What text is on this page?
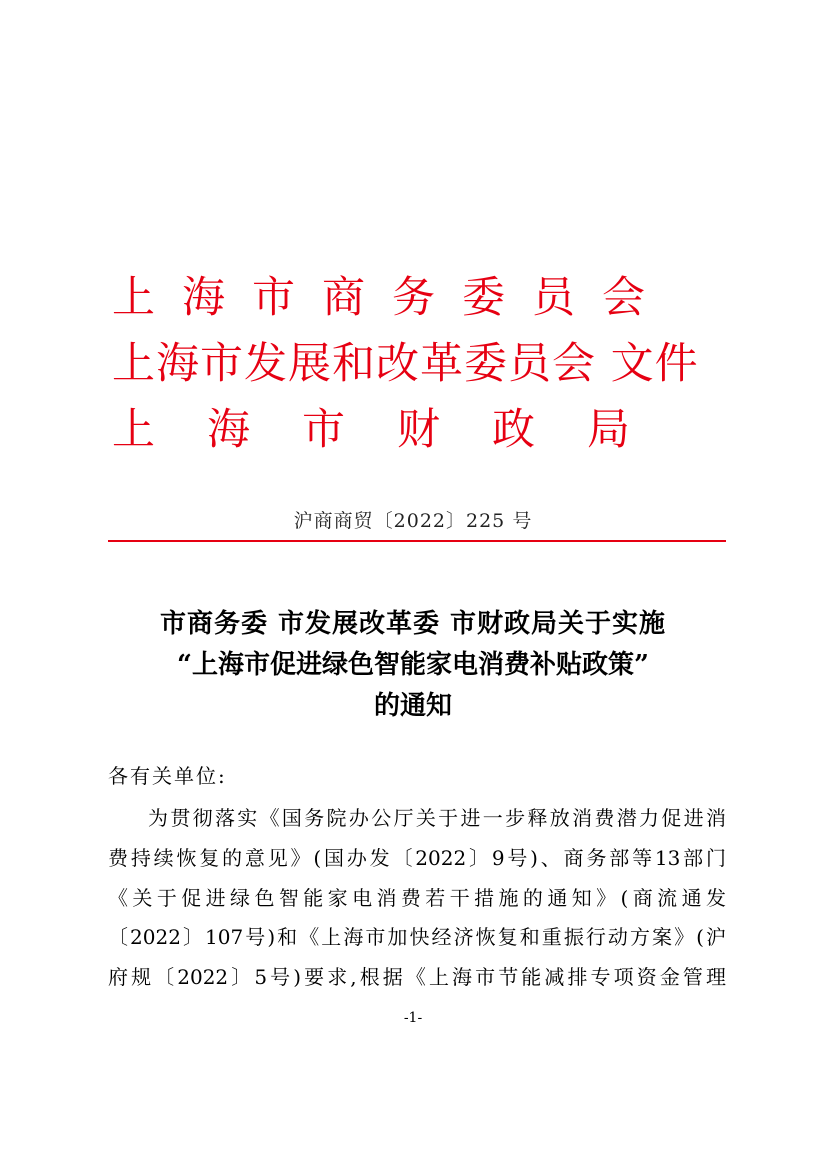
上海市商务委员会
上海市发展和改革委员会 文件
上海市财政局
沪商商贸〔2022〕225 号
市商务委 市发展改革委 市财政局关于实施
“上海市促进绿色智能家电消费补贴政策”
的通知
各有关单位:
为贯彻落实《国务院办公厅关于进一步释放消费潜力促进消
费持续恢复的意见》(国办发〔2022〕9号)、商务部等13部门
《关于促进绿色智能家电消费若干措施的通知》(商流通发
〔2022〕107号)和《上海市加快经济恢复和重振行动方案》(沪
府规〔2022〕5号)要求,根据《上海市节能减排专项资金管理
-1-
